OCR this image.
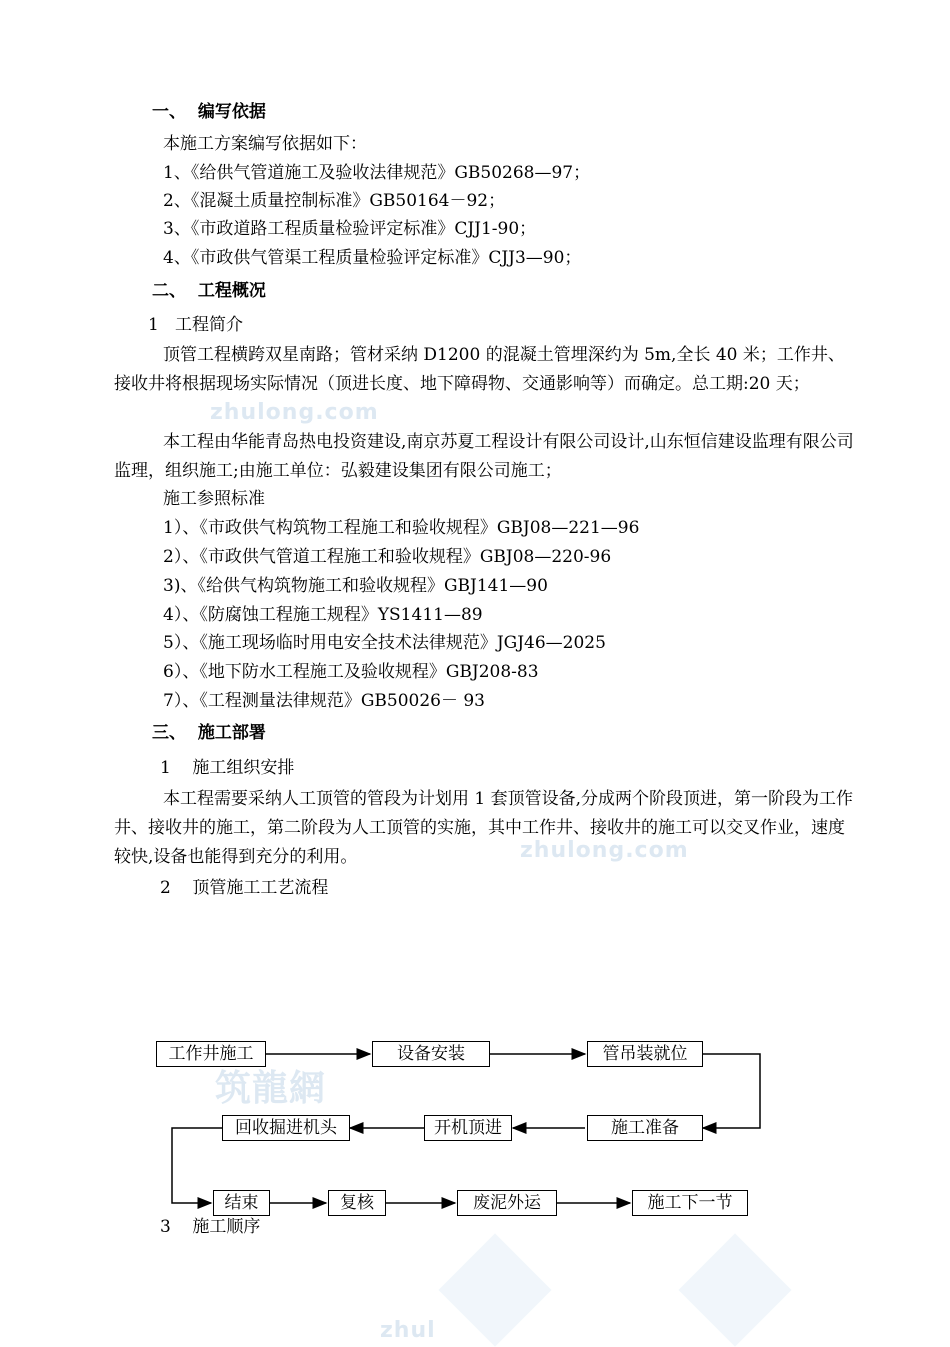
zhulong.com
zhulong.com
筑龍網
zhul
一、  编写依据
本施工方案编写依据如下：
1、《给供气管道施工及验收法律规范》GB50268—97；
2、《混凝土质量控制标准》GB50164－92；
3、《市政道路工程质量检验评定标准》CJJ1-90；
4、《市政供气管渠工程质量检验评定标准》CJJ3—90；
二、  工程概况
1   工程简介
顶管工程横跨双星南路；管材采纳 D1200 的混凝土管埋深约为 5m,全长 40 米；工作井、接收井将根据现场实际情况（顶进长度、地下障碍物、交通影响等）而确定。总工期:20 天；
本工程由华能青岛热电投资建设,南京苏夏工程设计有限公司设计,山东恒信建设监理有限公司监理，组织施工;由施工单位：弘毅建设集团有限公司施工；
施工参照标准
1）、《市政供气构筑物工程施工和验收规程》GBJ08—221—96
2）、《市政供气管道工程施工和验收规程》GBJ08—220-96
3)、《给供气构筑物施工和验收规程》GBJ141—90
4）、《防腐蚀工程施工规程》YS1411—89
5）、《施工现场临时用电安全技术法律规范》JGJ46—2025
6）、《地下防水工程施工及验收规程》GBJ208-83
7）、《工程测量法律规范》GB50026－ 93
三、  施工部署
1    施工组织安排
本工程需要采纳人工顶管的管段为计划用 1 套顶管设备,分成两个阶段顶进，第一阶段为工作井、接收井的施工，第二阶段为人工顶管的实施，其中工作井、接收井的施工可以交叉作业，速度较快,设备也能得到充分的利用。
2    顶管施工工艺流程
工作井施工	设备安装	管吊装就位
回收掘进机头	开机顶进	施工准备
结束	复核	废泥外运	施工下一节
3    施工顺序
